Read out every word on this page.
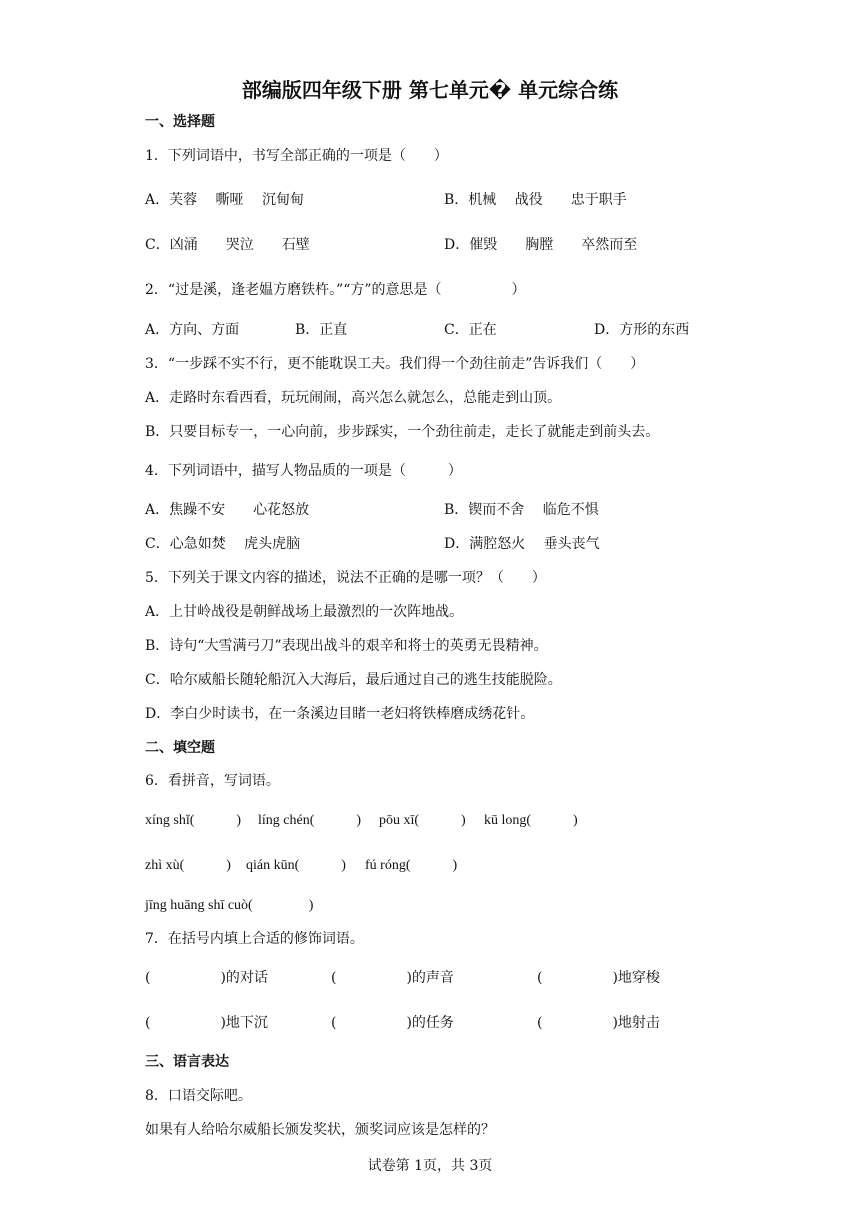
部编版四年级下册 第七单元� 单元综合练
一、选择题
1．下列词语中，书写全部正确的一项是（　　）
A．芙蓉　 嘶哑　 沉甸甸	B．机械　 战役　　忠于职手
C．凶涌　　哭泣　　石壁	D．催毁　　胸膛　　卒然而至
2．“过是溪，逢老媪方磨铁杵。”“方”的意思是（　　　　　）
A．方向、方面	B．正直	C．正在	D．方形的东西
3．“一步踩不实不行，更不能耽误工夫。我们得一个劲往前走”告诉我们（　　）
A．走路时东看西看，玩玩闹闹，高兴怎么就怎么，总能走到山顶。
B．只要目标专一，一心向前，步步踩实，一个劲往前走，走长了就能走到前头去。
4．下列词语中，描写人物品质的一项是（　　　）
A．焦躁不安　　心花怒放	B．锲而不舍　 临危不惧
C．心急如焚　 虎头虎脑	D．满腔怒火　 垂头丧气
5．下列关于课文内容的描述，说法不正确的是哪一项？（　　）
A．上甘岭战役是朝鲜战场上最激烈的一次阵地战。
B．诗句“大雪满弓刀”表现出战斗的艰辛和将士的英勇无畏精神。
C．哈尔威船长随轮船沉入大海后，最后通过自己的逃生技能脱险。
D．李白少时读书，在一条溪边目睹一老妇将铁棒磨成绣花针。
二、填空题
6．看拼音，写词语。
xíng shǐ(　　　) líng chén(　　　) pōu xī(　　　) kū long(　　　)
zhì xù(　　　) qián kūn(　　　) fú róng(　　　)
jīng huāng shī cuò(　　　　)
7．在括号内填上合适的修饰词语。
(　　　　　)的对话	(　　　　　)的声音	(　　　　　)地穿梭
(　　　　　)地下沉	(　　　　　)的任务	(　　　　　)地射击
三、语言表达
8．口语交际吧。
如果有人给哈尔威船长颁发奖状，颁奖词应该是怎样的？
试卷第 1页，共 3页
